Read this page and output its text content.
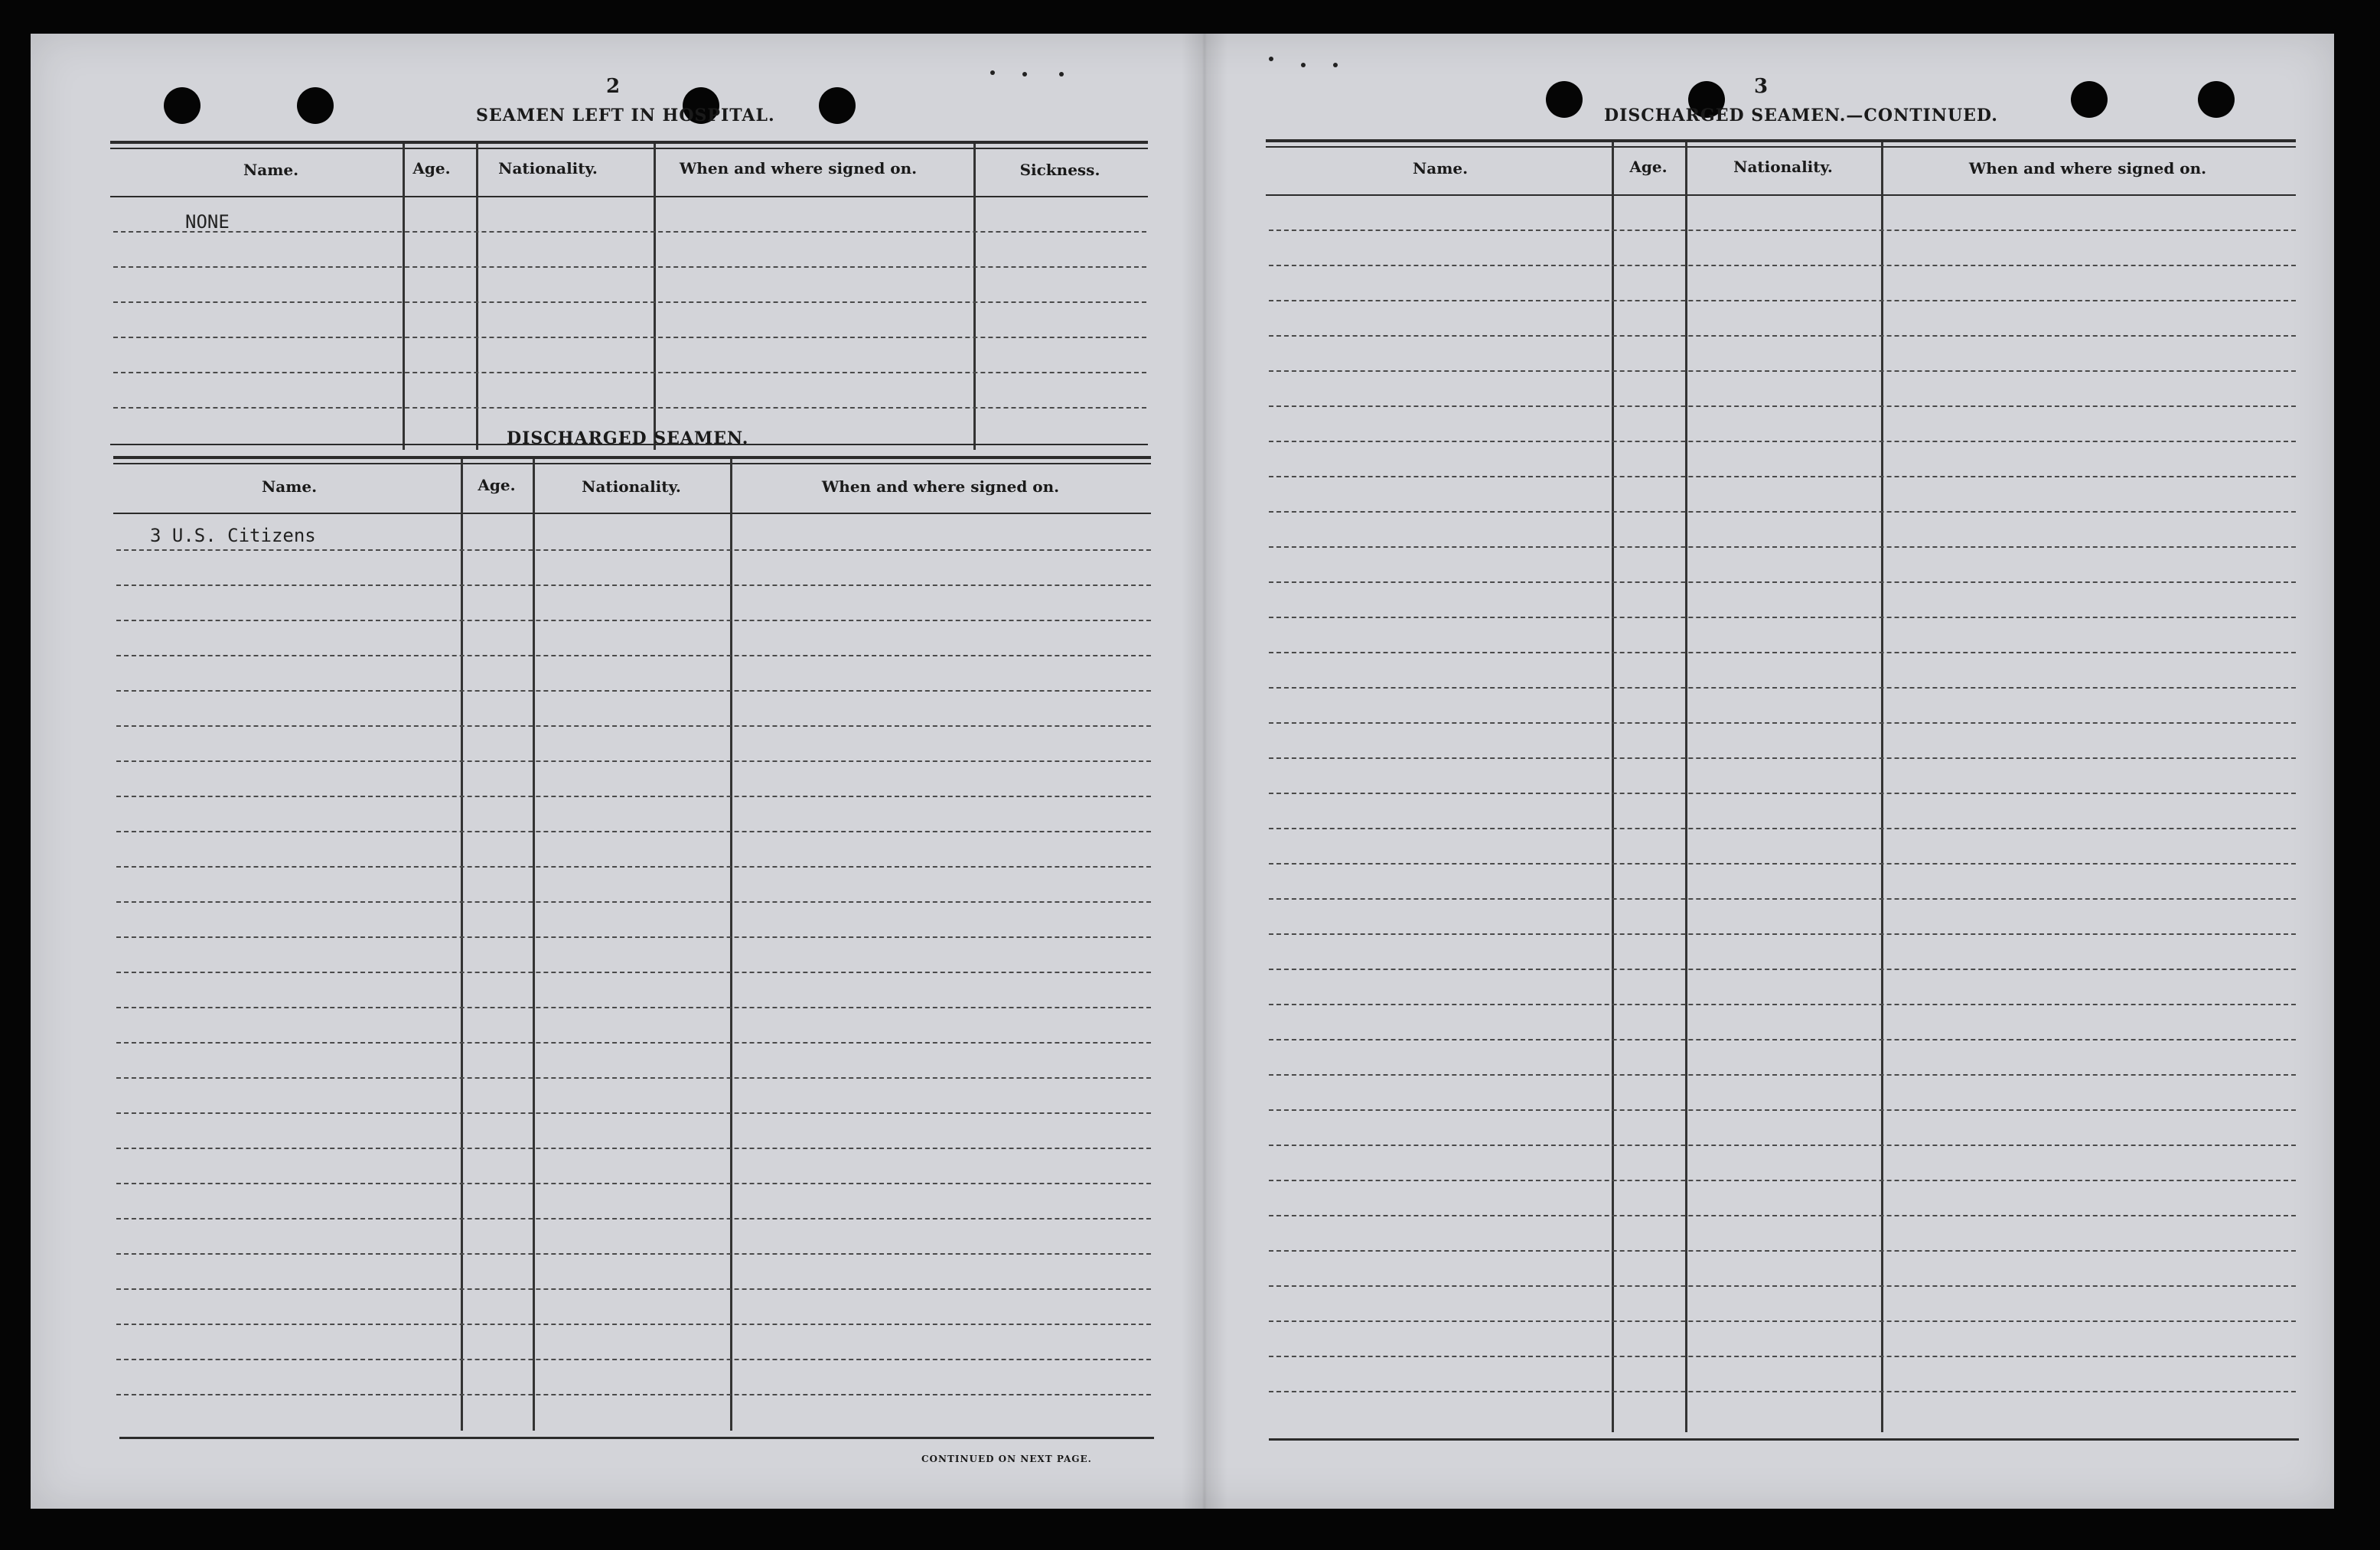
2
SEAMEN LEFT IN HOSPITAL.
Name.	Age.	Nationality.	When and where signed on.	Sickness.
NONE
DISCHARGED SEAMEN.
Name.	Age.	Nationality.	When and where signed on.
3 U.S. Citizens
CONTINUED ON NEXT PAGE.
3
DISCHARGED SEAMEN.—CONTINUED.
Name.	Age.	Nationality.	When and where signed on.
